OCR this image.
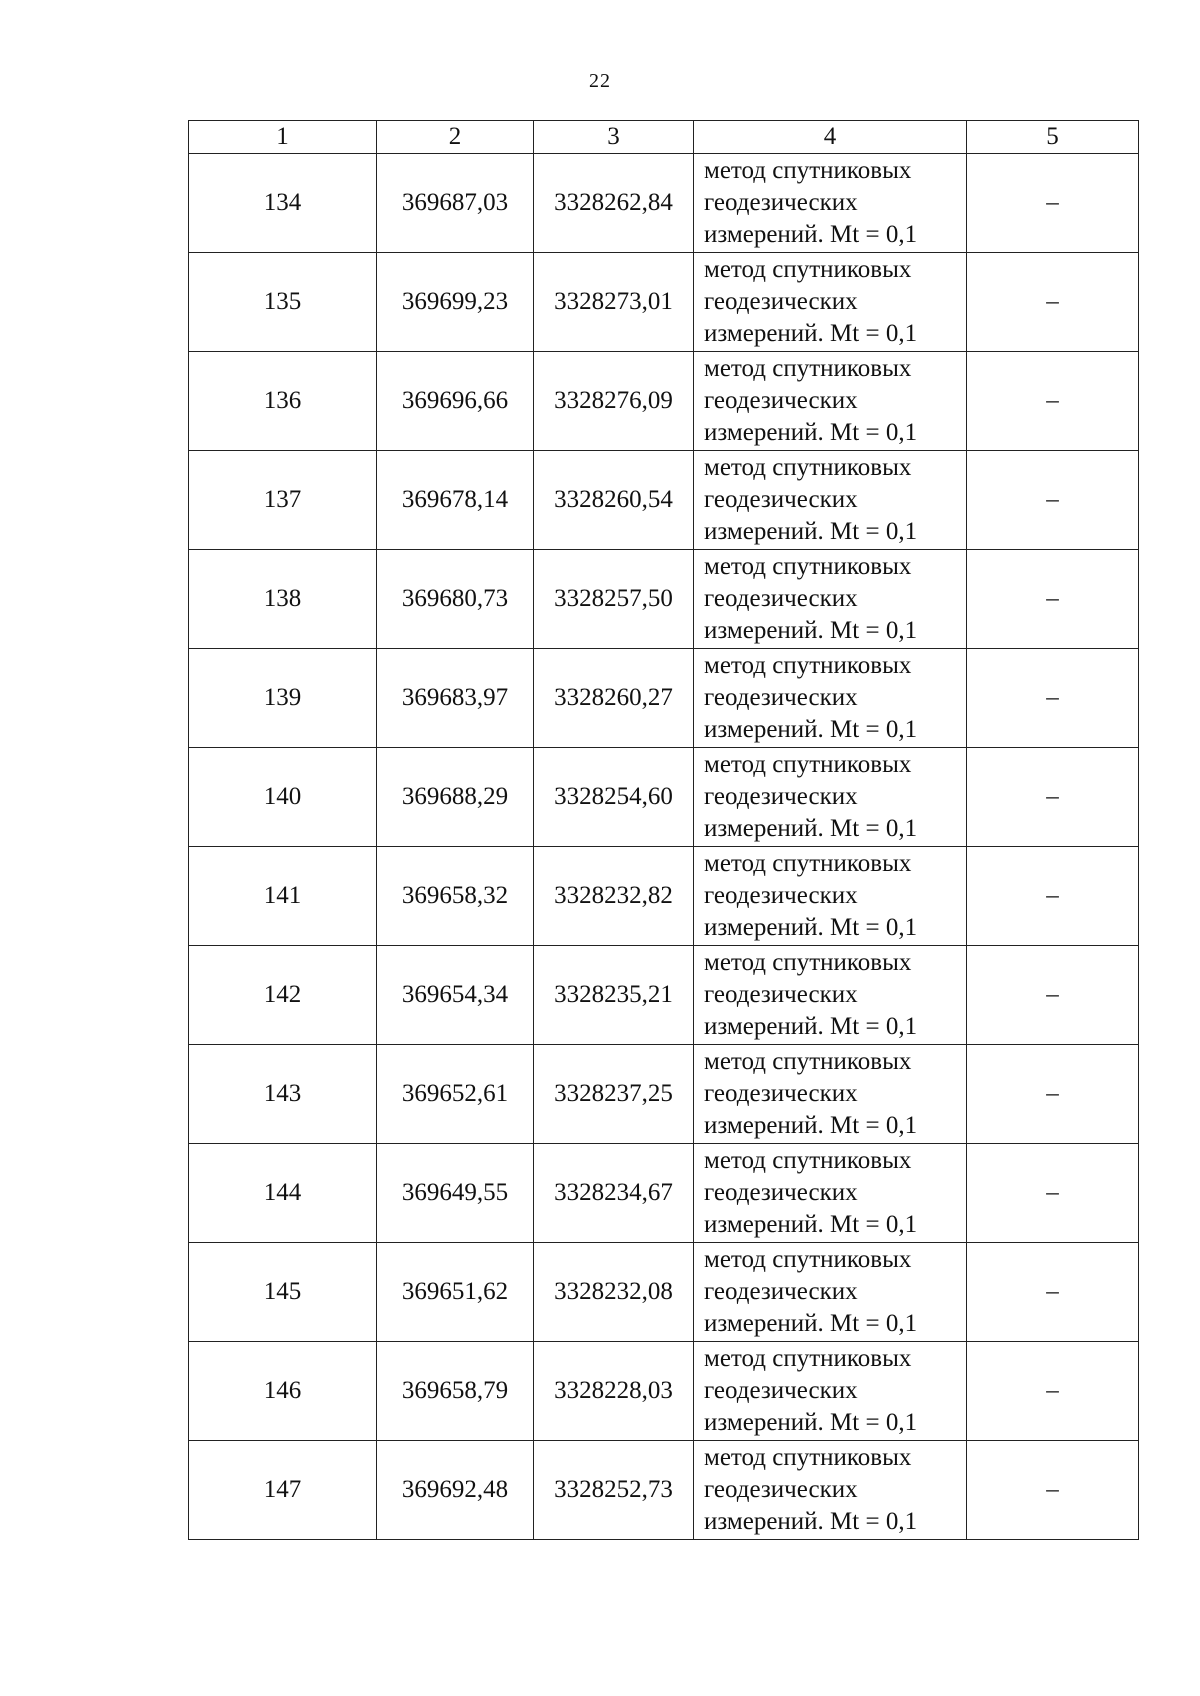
22
1	2	3	4	5
134	369687,03	3328262,84	метод спутниковых
геодезических
измерений. Mt = 0,1	–
135	369699,23	3328273,01	метод спутниковых
геодезических
измерений. Mt = 0,1	–
136	369696,66	3328276,09	метод спутниковых
геодезических
измерений. Mt = 0,1	–
137	369678,14	3328260,54	метод спутниковых
геодезических
измерений. Mt = 0,1	–
138	369680,73	3328257,50	метод спутниковых
геодезических
измерений. Mt = 0,1	–
139	369683,97	3328260,27	метод спутниковых
геодезических
измерений. Mt = 0,1	–
140	369688,29	3328254,60	метод спутниковых
геодезических
измерений. Mt = 0,1	–
141	369658,32	3328232,82	метод спутниковых
геодезических
измерений. Mt = 0,1	–
142	369654,34	3328235,21	метод спутниковых
геодезических
измерений. Mt = 0,1	–
143	369652,61	3328237,25	метод спутниковых
геодезических
измерений. Mt = 0,1	–
144	369649,55	3328234,67	метод спутниковых
геодезических
измерений. Mt = 0,1	–
145	369651,62	3328232,08	метод спутниковых
геодезических
измерений. Mt = 0,1	–
146	369658,79	3328228,03	метод спутниковых
геодезических
измерений. Mt = 0,1	–
147	369692,48	3328252,73	метод спутниковых
геодезических
измерений. Mt = 0,1	–
